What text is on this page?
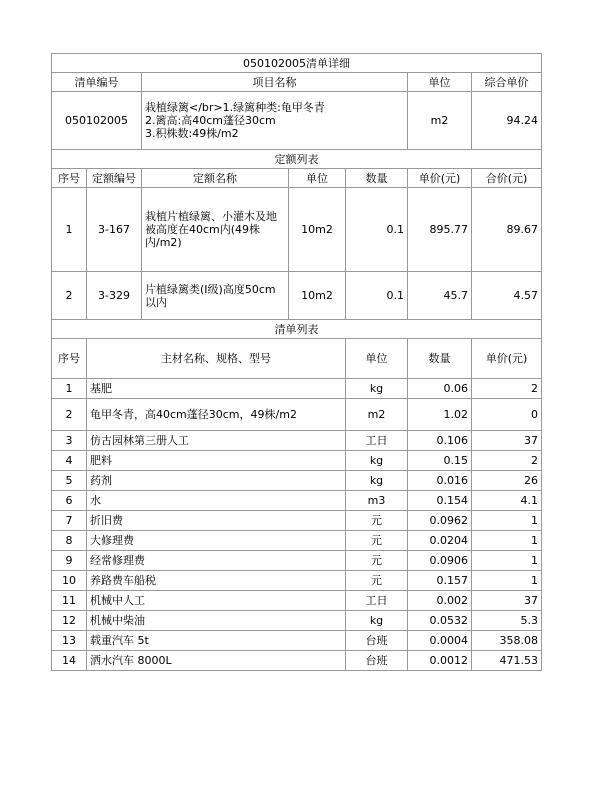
050102005清单详细							
清单编号		项目名称			单位	综合单价	
050102005		栽植绿篱</br>1.绿篱种类:龟甲冬青
2.篱高:高40cm蓬径30cm
3.积株数:49株/m2			m2	94.24	
定额列表							
序号	定额编号	定额名称	单位	数量	单价(元)	合价(元)	
1	3-167	栽植片植绿篱、小灌木及地被高度在40cm内(49株内/m2)	10m2	0.1	895.77	89.67	
2	3-329	片植绿篱类(I级)高度50cm以内	10m2	0.1	45.7	4.57	
清单列表							
序号	主材名称、规格、型号			单位	数量	单价(元)	
1	基肥			kg	0.06	2	
2	龟甲冬青，高40cm蓬径30cm，49株/m2			m2	1.02	0	
3	仿古园林第三册人工			工日	0.106	37	
4	肥料			kg	0.15	2	
5	药剂			kg	0.016	26	
6	水			m3	0.154	4.1	
7	折旧费			元	0.0962	1	
8	大修理费			元	0.0204	1	
9	经常修理费			元	0.0906	1	
10	养路费车船税			元	0.157	1	
11	机械中人工			工日	0.002	37	
12	机械中柴油			kg	0.0532	5.3	
13	载重汽车 5t			台班	0.0004	358.08	
14	洒水汽车 8000L			台班	0.0012	471.53	
